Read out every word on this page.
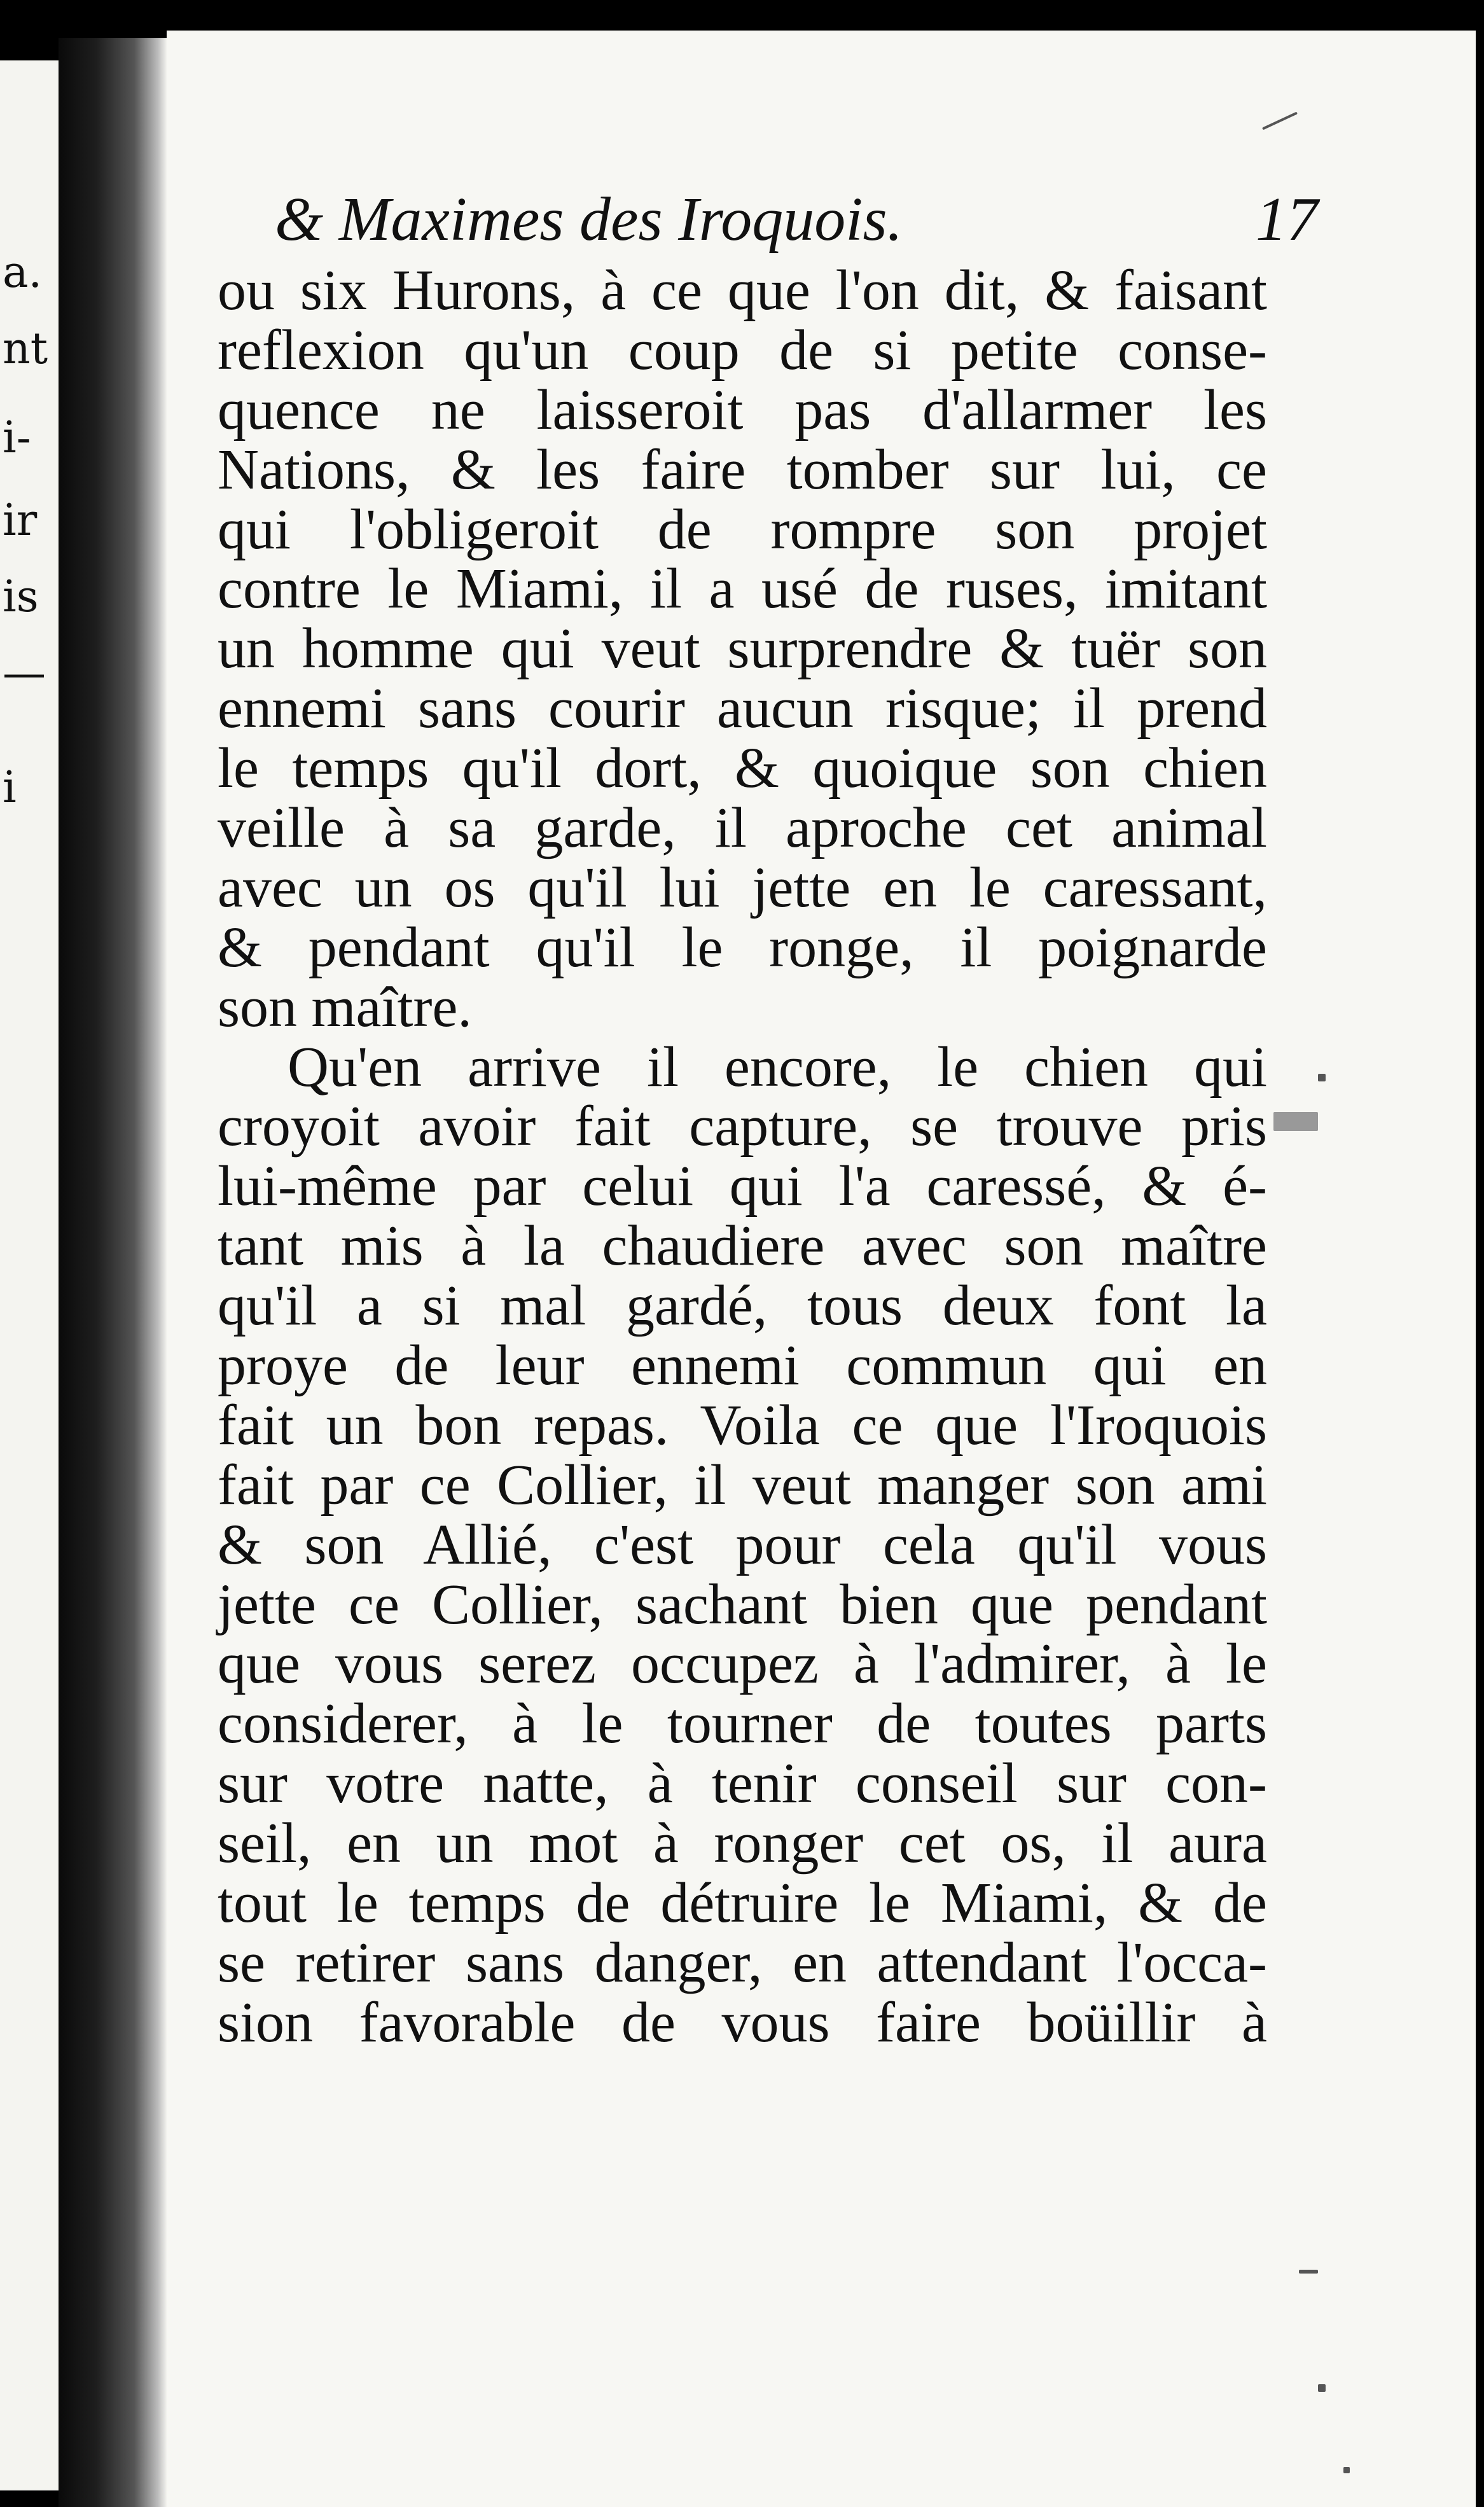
a.
nt
i-
ir
is
—
i
& Maximes des Iroquois.	17
ou six Hurons, à ce que l'on dit, & faisant
reflexion qu'un coup de si petite conse-
quence ne laisseroit pas d'allarmer les
Nations, & les faire tomber sur lui, ce
qui l'obligeroit de rompre son projet
contre le Miami, il a usé de ruses, imitant
un homme qui veut surprendre & tuër son
ennemi sans courir aucun risque; il prend
le temps qu'il dort, & quoique son chien
veille à sa garde, il aproche cet animal
avec un os qu'il lui jette en le caressant,
& pendant qu'il le ronge, il poignarde
son maître.
Qu'en arrive il encore, le chien qui
croyoit avoir fait capture, se trouve pris
lui-même par celui qui l'a caressé, & é-
tant mis à la chaudiere avec son maître
qu'il a si mal gardé, tous deux font la
proye de leur ennemi commun qui en
fait un bon repas. Voila ce que l'Iroquois
fait par ce Collier, il veut manger son ami
& son Allié, c'est pour cela qu'il vous
jette ce Collier, sachant bien que pendant
que vous serez occupez à l'admirer, à le
considerer, à le tourner de toutes parts
sur votre natte, à tenir conseil sur con-
seil, en un mot à ronger cet os, il aura
tout le temps de détruire le Miami, & de
se retirer sans danger, en attendant l'occa-
sion favorable de vous faire boüillir à
